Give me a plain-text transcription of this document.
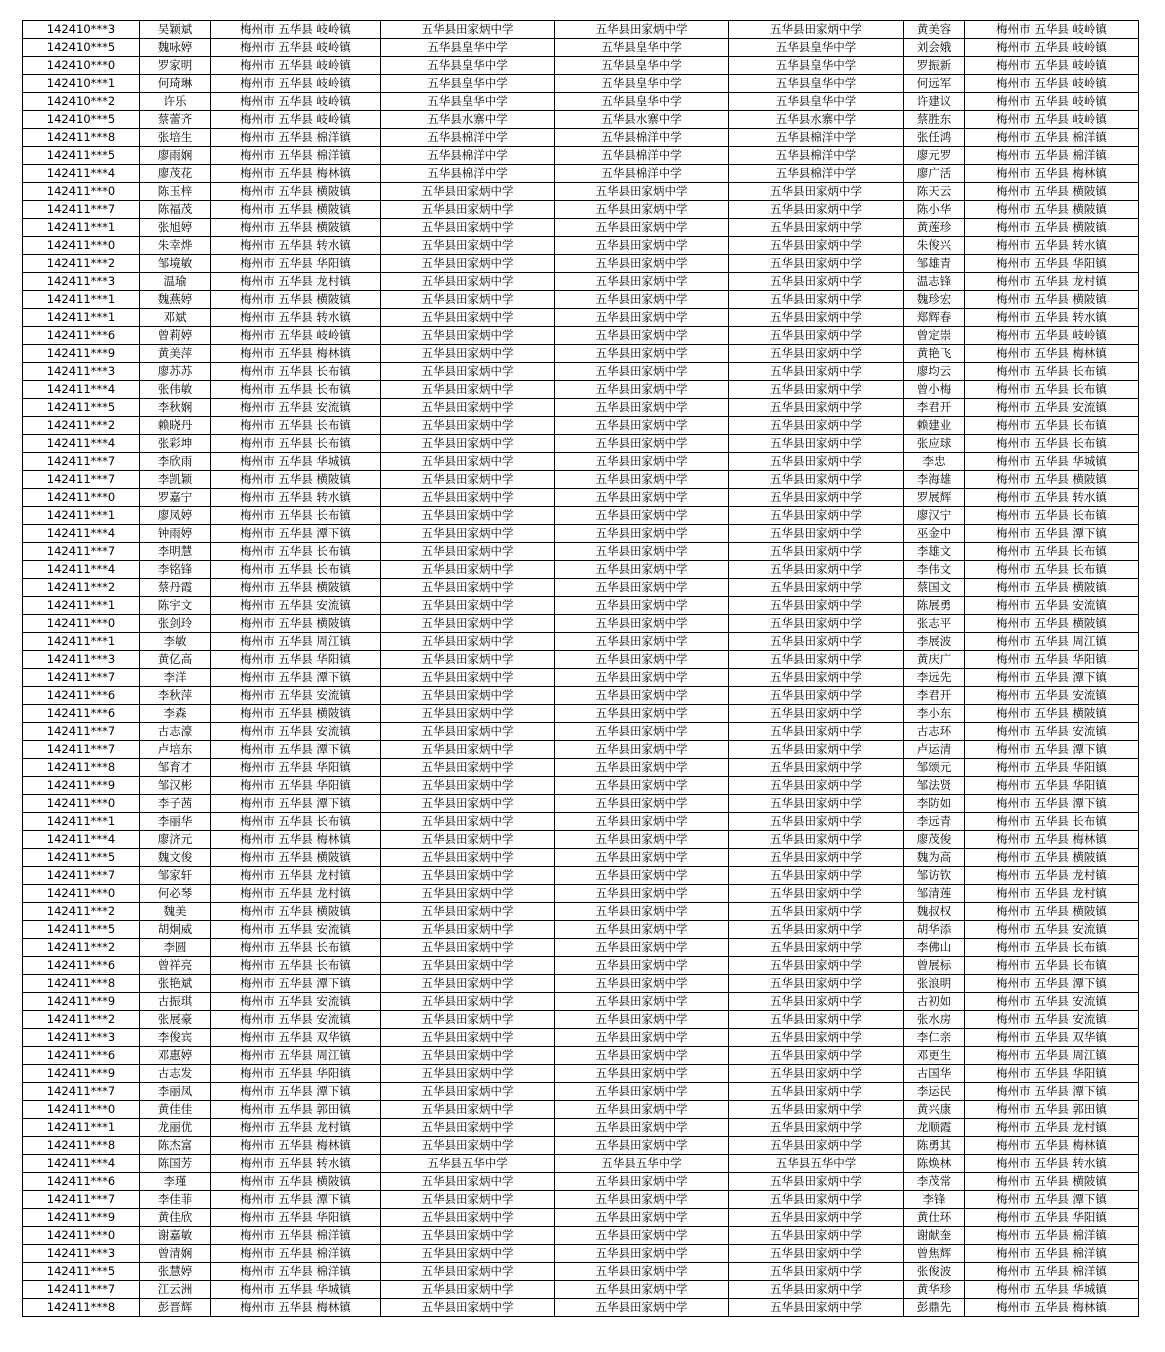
142410***3	吴颖斌	梅州市 五华县 岐岭镇	五华县田家炳中学	五华县田家炳中学	五华县田家炳中学	黄美容	梅州市 五华县 岐岭镇
142410***5	魏咏婷	梅州市 五华县 岐岭镇	五华县皇华中学	五华县皇华中学	五华县皇华中学	刘会娥	梅州市 五华县 岐岭镇
142410***0	罗家明	梅州市 五华县 岐岭镇	五华县皇华中学	五华县皇华中学	五华县皇华中学	罗振新	梅州市 五华县 岐岭镇
142410***1	何琦琳	梅州市 五华县 岐岭镇	五华县皇华中学	五华县皇华中学	五华县皇华中学	何远军	梅州市 五华县 岐岭镇
142410***2	许乐	梅州市 五华县 岐岭镇	五华县皇华中学	五华县皇华中学	五华县皇华中学	许建议	梅州市 五华县 岐岭镇
142410***5	蔡蕾齐	梅州市 五华县 岐岭镇	五华县水寨中学	五华县水寨中学	五华县水寨中学	蔡胜东	梅州市 五华县 岐岭镇
142411***8	张培生	梅州市 五华县 棉洋镇	五华县棉洋中学	五华县棉洋中学	五华县棉洋中学	张任鸿	梅州市 五华县 棉洋镇
142411***5	廖雨娴	梅州市 五华县 棉洋镇	五华县棉洋中学	五华县棉洋中学	五华县棉洋中学	廖元罗	梅州市 五华县 棉洋镇
142411***4	廖茂花	梅州市 五华县 梅林镇	五华县棉洋中学	五华县棉洋中学	五华县棉洋中学	廖广活	梅州市 五华县 梅林镇
142411***0	陈玉梓	梅州市 五华县 横陂镇	五华县田家炳中学	五华县田家炳中学	五华县田家炳中学	陈天云	梅州市 五华县 横陂镇
142411***7	陈福茂	梅州市 五华县 横陂镇	五华县田家炳中学	五华县田家炳中学	五华县田家炳中学	陈小华	梅州市 五华县 横陂镇
142411***1	张旭婷	梅州市 五华县 横陂镇	五华县田家炳中学	五华县田家炳中学	五华县田家炳中学	黄莲珍	梅州市 五华县 横陂镇
142411***0	朱幸烨	梅州市 五华县 转水镇	五华县田家炳中学	五华县田家炳中学	五华县田家炳中学	朱俊兴	梅州市 五华县 转水镇
142411***2	邹境敏	梅州市 五华县 华阳镇	五华县田家炳中学	五华县田家炳中学	五华县田家炳中学	邹雄青	梅州市 五华县 华阳镇
142411***3	温瑜	梅州市 五华县 龙村镇	五华县田家炳中学	五华县田家炳中学	五华县田家炳中学	温志锋	梅州市 五华县 龙村镇
142411***1	魏燕婷	梅州市 五华县 横陂镇	五华县田家炳中学	五华县田家炳中学	五华县田家炳中学	魏珍宏	梅州市 五华县 横陂镇
142411***1	邓斌	梅州市 五华县 转水镇	五华县田家炳中学	五华县田家炳中学	五华县田家炳中学	郑辉春	梅州市 五华县 转水镇
142411***6	曾莉婷	梅州市 五华县 岐岭镇	五华县田家炳中学	五华县田家炳中学	五华县田家炳中学	曾定崇	梅州市 五华县 岐岭镇
142411***9	黄美萍	梅州市 五华县 梅林镇	五华县田家炳中学	五华县田家炳中学	五华县田家炳中学	黄艳飞	梅州市 五华县 梅林镇
142411***3	廖苏苏	梅州市 五华县 长布镇	五华县田家炳中学	五华县田家炳中学	五华县田家炳中学	廖均云	梅州市 五华县 长布镇
142411***4	张伟敏	梅州市 五华县 长布镇	五华县田家炳中学	五华县田家炳中学	五华县田家炳中学	曾小梅	梅州市 五华县 长布镇
142411***5	李秋娴	梅州市 五华县 安流镇	五华县田家炳中学	五华县田家炳中学	五华县田家炳中学	李君开	梅州市 五华县 安流镇
142411***2	赖晓丹	梅州市 五华县 长布镇	五华县田家炳中学	五华县田家炳中学	五华县田家炳中学	赖建业	梅州市 五华县 长布镇
142411***4	张彩坤	梅州市 五华县 长布镇	五华县田家炳中学	五华县田家炳中学	五华县田家炳中学	张应球	梅州市 五华县 长布镇
142411***7	李欣雨	梅州市 五华县 华城镇	五华县田家炳中学	五华县田家炳中学	五华县田家炳中学	李忠	梅州市 五华县 华城镇
142411***7	李凯颖	梅州市 五华县 横陂镇	五华县田家炳中学	五华县田家炳中学	五华县田家炳中学	李海雄	梅州市 五华县 横陂镇
142411***0	罗嘉宁	梅州市 五华县 转水镇	五华县田家炳中学	五华县田家炳中学	五华县田家炳中学	罗展辉	梅州市 五华县 转水镇
142411***1	廖凤婷	梅州市 五华县 长布镇	五华县田家炳中学	五华县田家炳中学	五华县田家炳中学	廖汉宁	梅州市 五华县 长布镇
142411***4	钟雨婷	梅州市 五华县 潭下镇	五华县田家炳中学	五华县田家炳中学	五华县田家炳中学	巫金中	梅州市 五华县 潭下镇
142411***7	李明慧	梅州市 五华县 长布镇	五华县田家炳中学	五华县田家炳中学	五华县田家炳中学	李雄文	梅州市 五华县 长布镇
142411***4	李铭锋	梅州市 五华县 长布镇	五华县田家炳中学	五华县田家炳中学	五华县田家炳中学	李伟文	梅州市 五华县 长布镇
142411***2	蔡丹霞	梅州市 五华县 横陂镇	五华县田家炳中学	五华县田家炳中学	五华县田家炳中学	蔡国文	梅州市 五华县 横陂镇
142411***1	陈宇文	梅州市 五华县 安流镇	五华县田家炳中学	五华县田家炳中学	五华县田家炳中学	陈展勇	梅州市 五华县 安流镇
142411***0	张剑玲	梅州市 五华县 横陂镇	五华县田家炳中学	五华县田家炳中学	五华县田家炳中学	张志平	梅州市 五华县 横陂镇
142411***1	李敏	梅州市 五华县 周江镇	五华县田家炳中学	五华县田家炳中学	五华县田家炳中学	李展波	梅州市 五华县 周江镇
142411***3	黄亿高	梅州市 五华县 华阳镇	五华县田家炳中学	五华县田家炳中学	五华县田家炳中学	黄庆广	梅州市 五华县 华阳镇
142411***7	李洋	梅州市 五华县 潭下镇	五华县田家炳中学	五华县田家炳中学	五华县田家炳中学	李远先	梅州市 五华县 潭下镇
142411***6	李秋萍	梅州市 五华县 安流镇	五华县田家炳中学	五华县田家炳中学	五华县田家炳中学	李君开	梅州市 五华县 安流镇
142411***6	李森	梅州市 五华县 横陂镇	五华县田家炳中学	五华县田家炳中学	五华县田家炳中学	李小东	梅州市 五华县 横陂镇
142411***7	古志濠	梅州市 五华县 安流镇	五华县田家炳中学	五华县田家炳中学	五华县田家炳中学	古志环	梅州市 五华县 安流镇
142411***7	卢培东	梅州市 五华县 潭下镇	五华县田家炳中学	五华县田家炳中学	五华县田家炳中学	卢运清	梅州市 五华县 潭下镇
142411***8	邹育才	梅州市 五华县 华阳镇	五华县田家炳中学	五华县田家炳中学	五华县田家炳中学	邹颂元	梅州市 五华县 华阳镇
142411***9	邹汉彬	梅州市 五华县 华阳镇	五华县田家炳中学	五华县田家炳中学	五华县田家炳中学	邹法贤	梅州市 五华县 华阳镇
142411***0	李子茜	梅州市 五华县 潭下镇	五华县田家炳中学	五华县田家炳中学	五华县田家炳中学	李防如	梅州市 五华县 潭下镇
142411***1	李丽华	梅州市 五华县 长布镇	五华县田家炳中学	五华县田家炳中学	五华县田家炳中学	李远青	梅州市 五华县 长布镇
142411***4	廖济元	梅州市 五华县 梅林镇	五华县田家炳中学	五华县田家炳中学	五华县田家炳中学	廖茂俊	梅州市 五华县 梅林镇
142411***5	魏文俊	梅州市 五华县 横陂镇	五华县田家炳中学	五华县田家炳中学	五华县田家炳中学	魏为高	梅州市 五华县 横陂镇
142411***7	邹家轩	梅州市 五华县 龙村镇	五华县田家炳中学	五华县田家炳中学	五华县田家炳中学	邹访钦	梅州市 五华县 龙村镇
142411***0	何必琴	梅州市 五华县 龙村镇	五华县田家炳中学	五华县田家炳中学	五华县田家炳中学	邹清莲	梅州市 五华县 龙村镇
142411***2	魏美	梅州市 五华县 横陂镇	五华县田家炳中学	五华县田家炳中学	五华县田家炳中学	魏叔权	梅州市 五华县 横陂镇
142411***5	胡炯威	梅州市 五华县 安流镇	五华县田家炳中学	五华县田家炳中学	五华县田家炳中学	胡华添	梅州市 五华县 安流镇
142411***2	李圆	梅州市 五华县 长布镇	五华县田家炳中学	五华县田家炳中学	五华县田家炳中学	李佛山	梅州市 五华县 长布镇
142411***6	曾祥亮	梅州市 五华县 长布镇	五华县田家炳中学	五华县田家炳中学	五华县田家炳中学	曾展标	梅州市 五华县 长布镇
142411***8	张艳斌	梅州市 五华县 潭下镇	五华县田家炳中学	五华县田家炳中学	五华县田家炳中学	张浪明	梅州市 五华县 潭下镇
142411***9	古振琪	梅州市 五华县 安流镇	五华县田家炳中学	五华县田家炳中学	五华县田家炳中学	古初如	梅州市 五华县 安流镇
142411***2	张展豪	梅州市 五华县 安流镇	五华县田家炳中学	五华县田家炳中学	五华县田家炳中学	张水房	梅州市 五华县 安流镇
142411***3	李俊宾	梅州市 五华县 双华镇	五华县田家炳中学	五华县田家炳中学	五华县田家炳中学	李仁亲	梅州市 五华县 双华镇
142411***6	邓惠婷	梅州市 五华县 周江镇	五华县田家炳中学	五华县田家炳中学	五华县田家炳中学	邓更生	梅州市 五华县 周江镇
142411***9	古志发	梅州市 五华县 华阳镇	五华县田家炳中学	五华县田家炳中学	五华县田家炳中学	古国华	梅州市 五华县 华阳镇
142411***7	李丽凤	梅州市 五华县 潭下镇	五华县田家炳中学	五华县田家炳中学	五华县田家炳中学	李运民	梅州市 五华县 潭下镇
142411***0	黄佳佳	梅州市 五华县 郭田镇	五华县田家炳中学	五华县田家炳中学	五华县田家炳中学	黄兴康	梅州市 五华县 郭田镇
142411***1	龙丽优	梅州市 五华县 龙村镇	五华县田家炳中学	五华县田家炳中学	五华县田家炳中学	龙顺霞	梅州市 五华县 龙村镇
142411***8	陈杰富	梅州市 五华县 梅林镇	五华县田家炳中学	五华县田家炳中学	五华县田家炳中学	陈勇其	梅州市 五华县 梅林镇
142411***4	陈国芳	梅州市 五华县 转水镇	五华县五华中学	五华县五华中学	五华县五华中学	陈焕林	梅州市 五华县 转水镇
142411***6	李瑾	梅州市 五华县 横陂镇	五华县田家炳中学	五华县田家炳中学	五华县田家炳中学	李茂常	梅州市 五华县 横陂镇
142411***7	李佳菲	梅州市 五华县 潭下镇	五华县田家炳中学	五华县田家炳中学	五华县田家炳中学	李锋	梅州市 五华县 潭下镇
142411***9	黄佳欣	梅州市 五华县 华阳镇	五华县田家炳中学	五华县田家炳中学	五华县田家炳中学	黄仕环	梅州市 五华县 华阳镇
142411***0	谢嘉敏	梅州市 五华县 棉洋镇	五华县田家炳中学	五华县田家炳中学	五华县田家炳中学	谢献奎	梅州市 五华县 棉洋镇
142411***3	曾清娴	梅州市 五华县 棉洋镇	五华县田家炳中学	五华县田家炳中学	五华县田家炳中学	曾焦辉	梅州市 五华县 棉洋镇
142411***5	张慧婷	梅州市 五华县 棉洋镇	五华县田家炳中学	五华县田家炳中学	五华县田家炳中学	张俊波	梅州市 五华县 棉洋镇
142411***7	江云洲	梅州市 五华县 华城镇	五华县田家炳中学	五华县田家炳中学	五华县田家炳中学	黄华珍	梅州市 五华县 华城镇
142411***8	彭晋辉	梅州市 五华县 梅林镇	五华县田家炳中学	五华县田家炳中学	五华县田家炳中学	彭鼎先	梅州市 五华县 梅林镇
